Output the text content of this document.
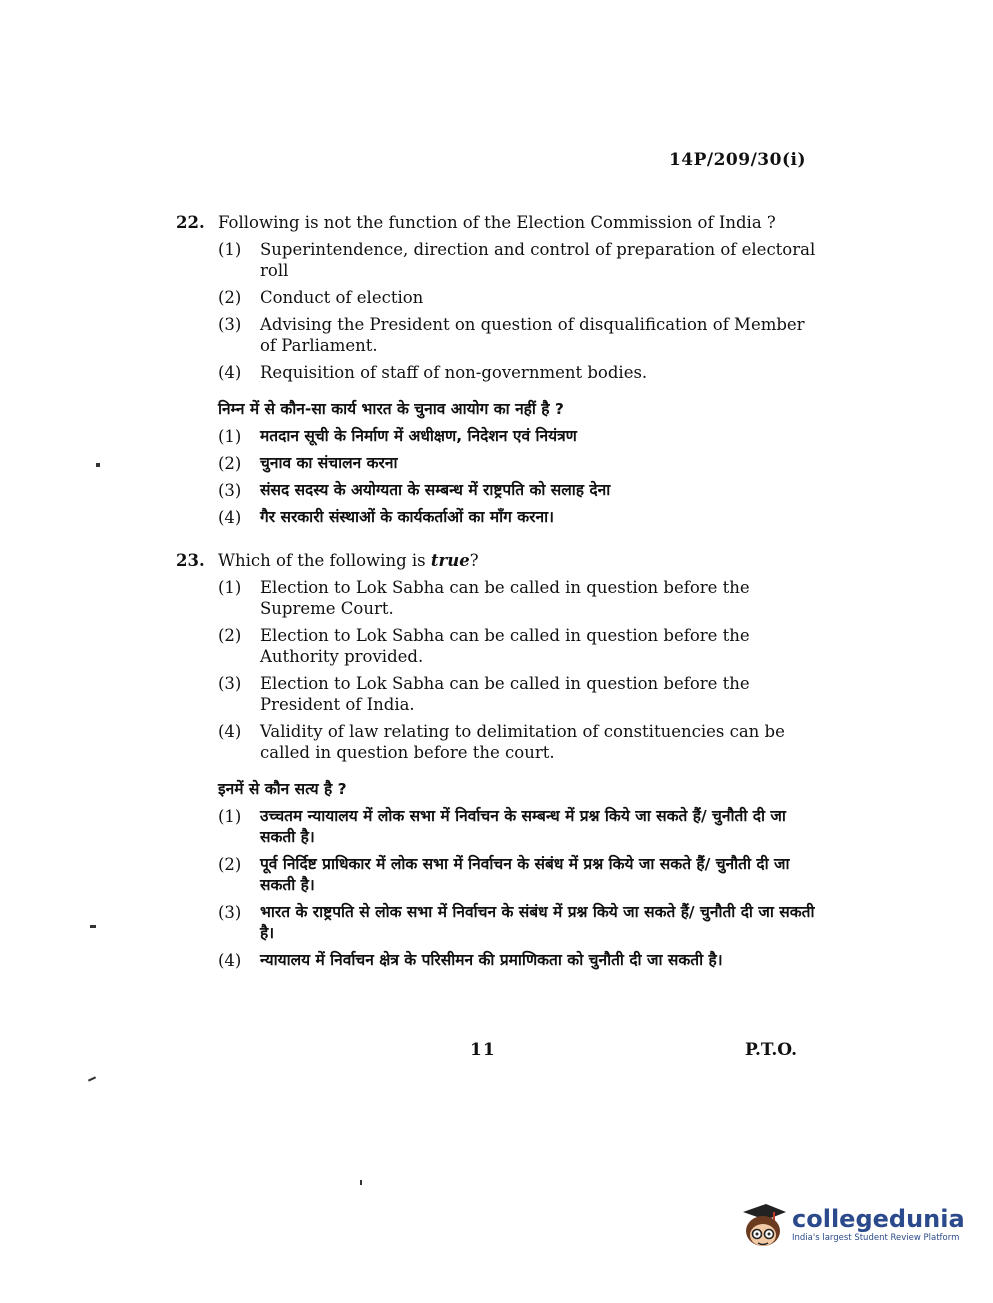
14P/209/30(i)
22. Following is not the function of the Election Commission of India ?
(1)	Superintendence, direction and control of preparation of electoral roll
(2)	Conduct of election
(3)	Advising the President on question of disqualification of Member of Parliament.
(4)	Requisition of staff of non-government bodies.
निम्न में से कौन-सा कार्य भारत के चुनाव आयोग का नहीं है ?
(1)	मतदान सूची के निर्माण में अधीक्षण, निदेशन एवं नियंत्रण
(2)	चुनाव का संचालन करना
(3)	संसद सदस्य के अयोग्यता के सम्बन्ध में राष्ट्रपति को सलाह देना
(4)	गैर सरकारी संस्थाओं के कार्यकर्ताओं का माँग करना।
23. Which of the following is true?
(1)	Election to Lok Sabha can be called in question before the Supreme Court.
(2)	Election to Lok Sabha can be called in question before the Authority provided.
(3)	Election to Lok Sabha can be called in question before the President of India.
(4)	Validity of law relating to delimitation of constituencies can be called in question before the court.
इनमें से कौन सत्य है ?
(1)	उच्चतम न्यायालय में लोक सभा में निर्वाचन के सम्बन्ध में प्रश्न किये जा सकते हैं/ चुनौती दी जा सकती है।
(2)	पूर्व निर्दिष्ट प्राधिकार में लोक सभा में निर्वाचन के संबंध में प्रश्न किये जा सकते हैं/ चुनौती दी जा सकती है।
(3)	भारत के राष्ट्रपति से लोक सभा में निर्वाचन के संबंध में प्रश्न किये जा सकते हैं/ चुनौती दी जा सकती है।
(4)	न्यायालय में निर्वाचन क्षेत्र के परिसीमन की प्रमाणिकता को चुनौती दी जा सकती है।
11	P.T.O.
collegedunia
India's largest Student Review Platform
